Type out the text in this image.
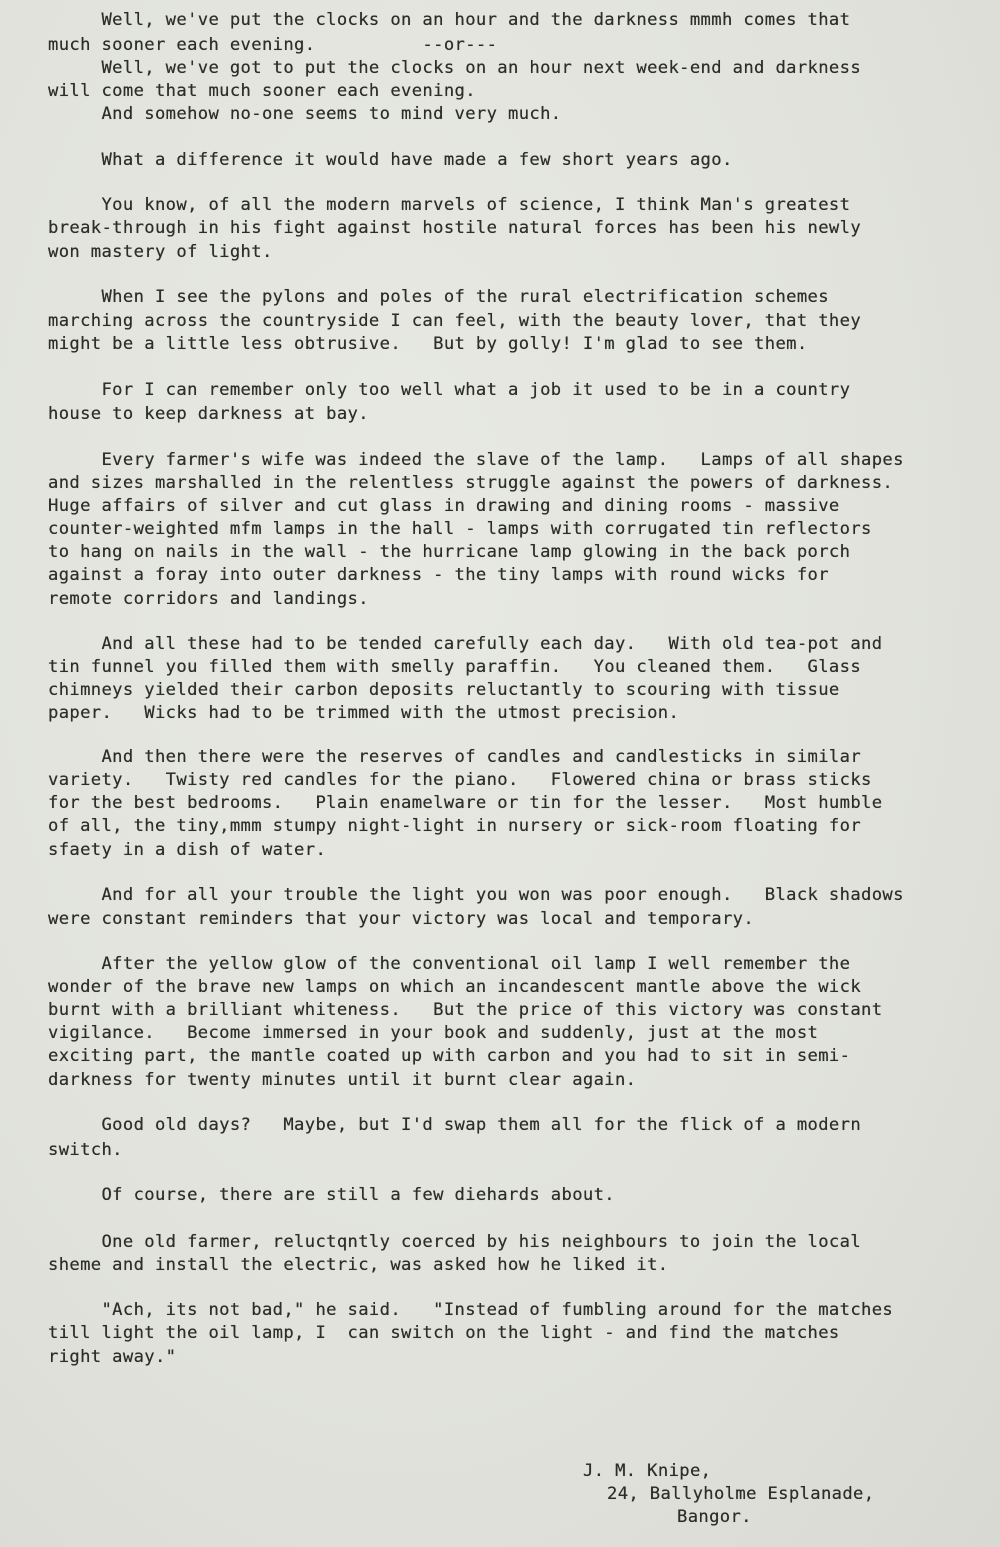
Well, we've put the clocks on an hour and the darkness mmmh comes that
much sooner each evening.          --or---
Well, we've got to put the clocks on an hour next week-end and darkness
will come that much sooner each evening.
And somehow no-one seems to mind very much.
What a difference it would have made a few short years ago.
You know, of all the modern marvels of science, I think Man's greatest
break-through in his fight against hostile natural forces has been his newly
won mastery of light.
When I see the pylons and poles of the rural electrification schemes
marching across the countryside I can feel, with the beauty lover, that they
might be a little less obtrusive.   But by golly! I'm glad to see them.
For I can remember only too well what a job it used to be in a country
house to keep darkness at bay.
Every farmer's wife was indeed the slave of the lamp.   Lamps of all shapes
and sizes marshalled in the relentless struggle against the powers of darkness.
Huge affairs of silver and cut glass in drawing and dining rooms - massive
counter-weighted mfm lamps in the hall - lamps with corrugated tin reflectors
to hang on nails in the wall - the hurricane lamp glowing in the back porch
against a foray into outer darkness - the tiny lamps with round wicks for
remote corridors and landings.
And all these had to be tended carefully each day.   With old tea-pot and
tin funnel you filled them with smelly paraffin.   You cleaned them.   Glass
chimneys yielded their carbon deposits reluctantly to scouring with tissue
paper.   Wicks had to be trimmed with the utmost precision.
And then there were the reserves of candles and candlesticks in similar
variety.   Twisty red candles for the piano.   Flowered china or brass sticks
for the best bedrooms.   Plain enamelware or tin for the lesser.   Most humble
of all, the tiny,mmm stumpy night-light in nursery or sick-room floating for
sfaety in a dish of water.
And for all your trouble the light you won was poor enough.   Black shadows
were constant reminders that your victory was local and temporary.
After the yellow glow of the conventional oil lamp I well remember the
wonder of the brave new lamps on which an incandescent mantle above the wick
burnt with a brilliant whiteness.   But the price of this victory was constant
vigilance.   Become immersed in your book and suddenly, just at the most
exciting part, the mantle coated up with carbon and you had to sit in semi-
darkness for twenty minutes until it burnt clear again.
Good old days?   Maybe, but I'd swap them all for the flick of a modern
switch.
Of course, there are still a few diehards about.
One old farmer, reluctqntly coerced by his neighbours to join the local
sheme and install the electric, was asked how he liked it.
"Ach, its not bad," he said.   "Instead of fumbling around for the matches
till light the oil lamp, I  can switch on the light - and find the matches
right away."
J. M. Knipe,
24, Ballyholme Esplanade,
Bangor.
